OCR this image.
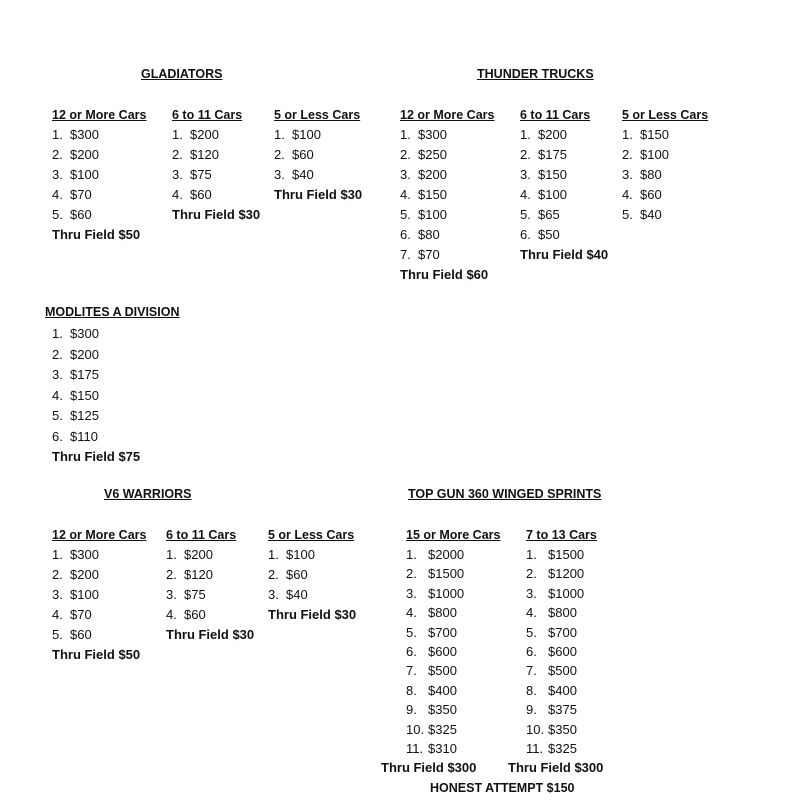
GLADIATORS
12 or More Cars
1. $300
2. $200
3. $100
4. $70
5. $60
Thru Field $50
6 to 11 Cars
1. $200
2. $120
3. $75
4. $60
Thru Field $30
5 or Less Cars
1. $100
2. $60
3. $40
Thru Field $30
THUNDER TRUCKS
12 or More Cars
1. $300
2. $250
3. $200
4. $150
5. $100
6. $80
7. $70
Thru Field $60
6 to 11 Cars
1. $200
2. $175
3. $150
4. $100
5. $65
6. $50
Thru Field $40
5 or Less Cars
1. $150
2. $100
3. $80
4. $60
5. $40
MODLITES A DIVISION
1. $300
2. $200
3. $175
4. $150
5. $125
6. $110
Thru Field $75
V6 WARRIORS
12 or More Cars
1. $300
2. $200
3. $100
4. $70
5. $60
Thru Field $50
6 to 11 Cars
1. $200
2. $120
3. $75
4. $60
Thru Field $30
5 or Less Cars
1. $100
2. $60
3. $40
Thru Field $30
TOP GUN 360 WINGED SPRINTS
15 or More Cars
1. $2000
2. $1500
3. $1000
4. $800
5. $700
6. $600
7. $500
8. $400
9. $350
10. $325
11. $310
Thru Field $300
7 to 13 Cars
1. $1500
2. $1200
3. $1000
4. $800
5. $700
6. $600
7. $500
8. $400
9. $375
10. $350
11. $325
Thru Field $300
HONEST ATTEMPT $150
